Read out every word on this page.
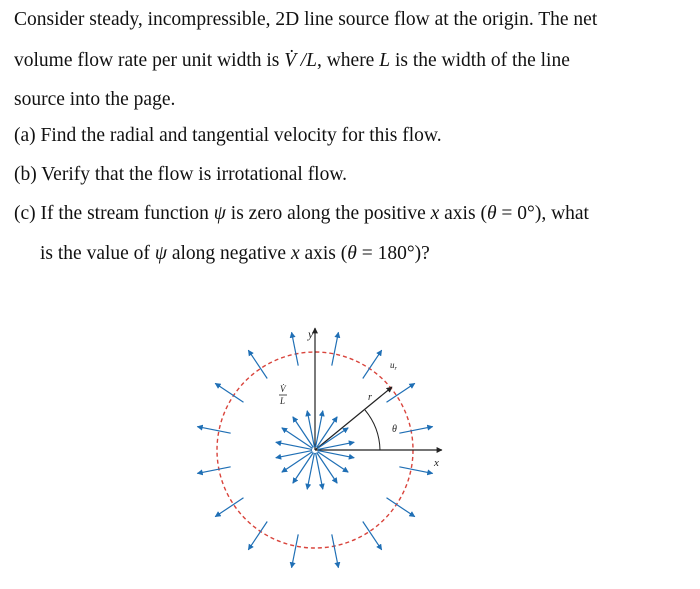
Consider steady, incompressible, 2D line source flow at the origin. The net
volume flow rate per unit width is V̇ /L, where L is the width of the line
source into the page.
(a) Find the radial and tangential velocity for this flow.
(b) Verify that the flow is irrotational flow.
(c) If the stream function ψ is zero along the positive x axis (θ = 0°), what
is the value of ψ along negative x axis (θ = 180°)?
y
x
r
θ
$u_r$
V̇
L
